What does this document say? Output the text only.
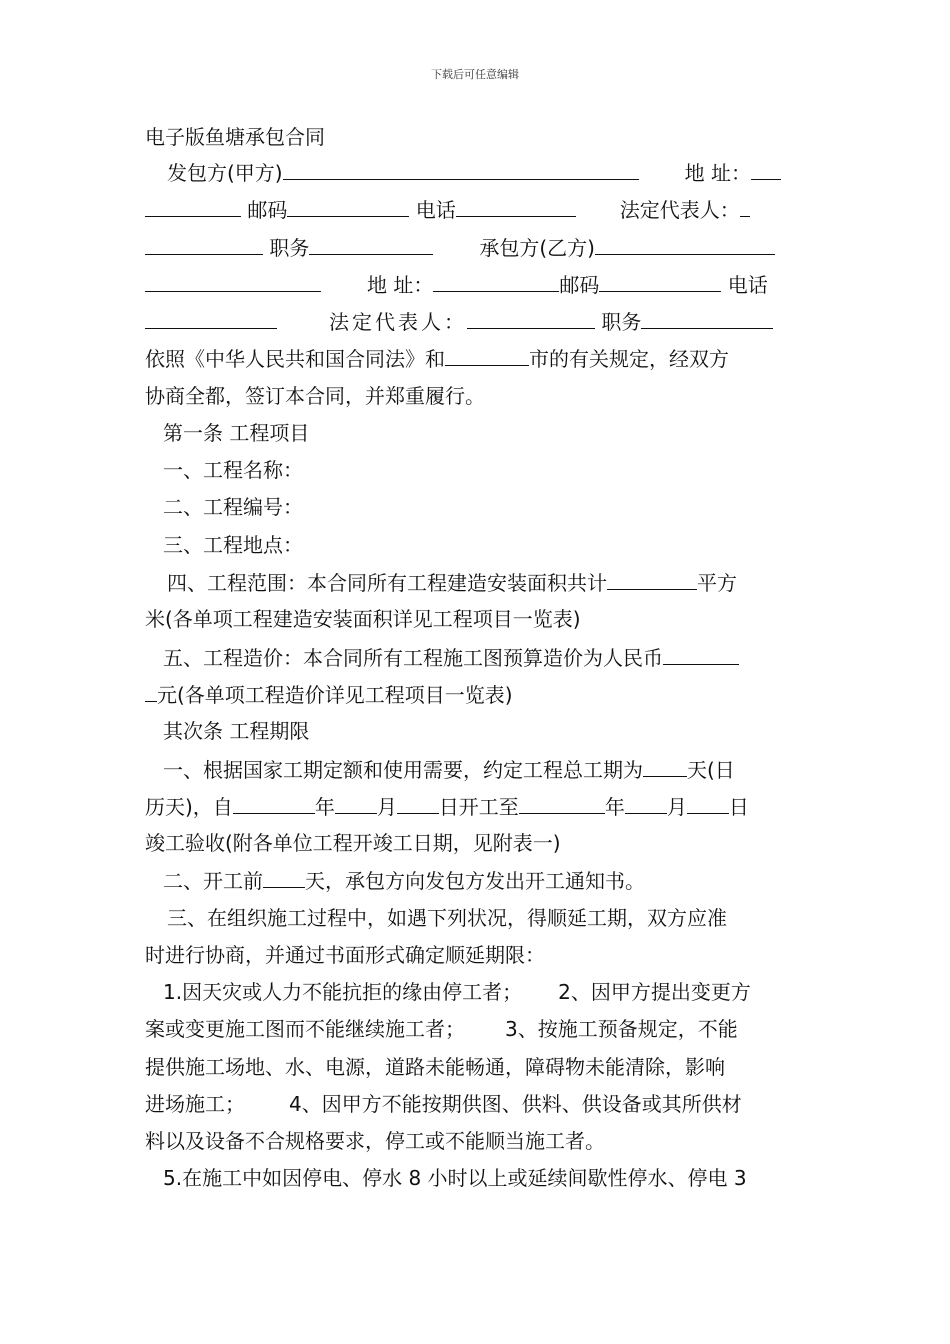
下载后可任意编辑
电子版鱼塘承包合同
发包方(甲方)	地 址：
邮码	电话	法定代表人：
职务	承包方(乙方)
地 址：	邮码	电话
法定代表人：	职务
依照《中华人民共和国合同法》和	市的有关规定，经双方
协商全都，签订本合同，并郑重履行。
第一条 工程项目
一、工程名称：
二、工程编号：
三、工程地点：
四、工程范围：本合同所有工程建造安装面积共计	平方
米(各单项工程建造安装面积详见工程项目一览表)
五、工程造价：本合同所有工程施工图预算造价为人民币
元(各单项工程造价详见工程项目一览表)
其次条 工程期限
一、根据国家工期定额和使用需要，约定工程总工期为 天(日
历天)，自	年 月 日开工至	年 月 日
竣工验收(附各单位工程开竣工日期，见附表一)
二、开工前 天，承包方向发包方发出开工通知书。
三、在组织施工过程中，如遇下列状况，得顺延工期，双方应准
时进行协商，并通过书面形式确定顺延期限：
1.因天灾或人力不能抗拒的缘由停工者； 2、因甲方提出变更方
案或变更施工图而不能继续施工者； 3、按施工预备规定，不能
提供施工场地、水、电源，道路未能畅通，障碍物未能清除，影响
进场施工； 4、因甲方不能按期供图、供料、供设备或其所供材
料以及设备不合规格要求，停工或不能顺当施工者。
5.在施工中如因停电、停水 8 小时以上或延续间歇性停水、停电 3
